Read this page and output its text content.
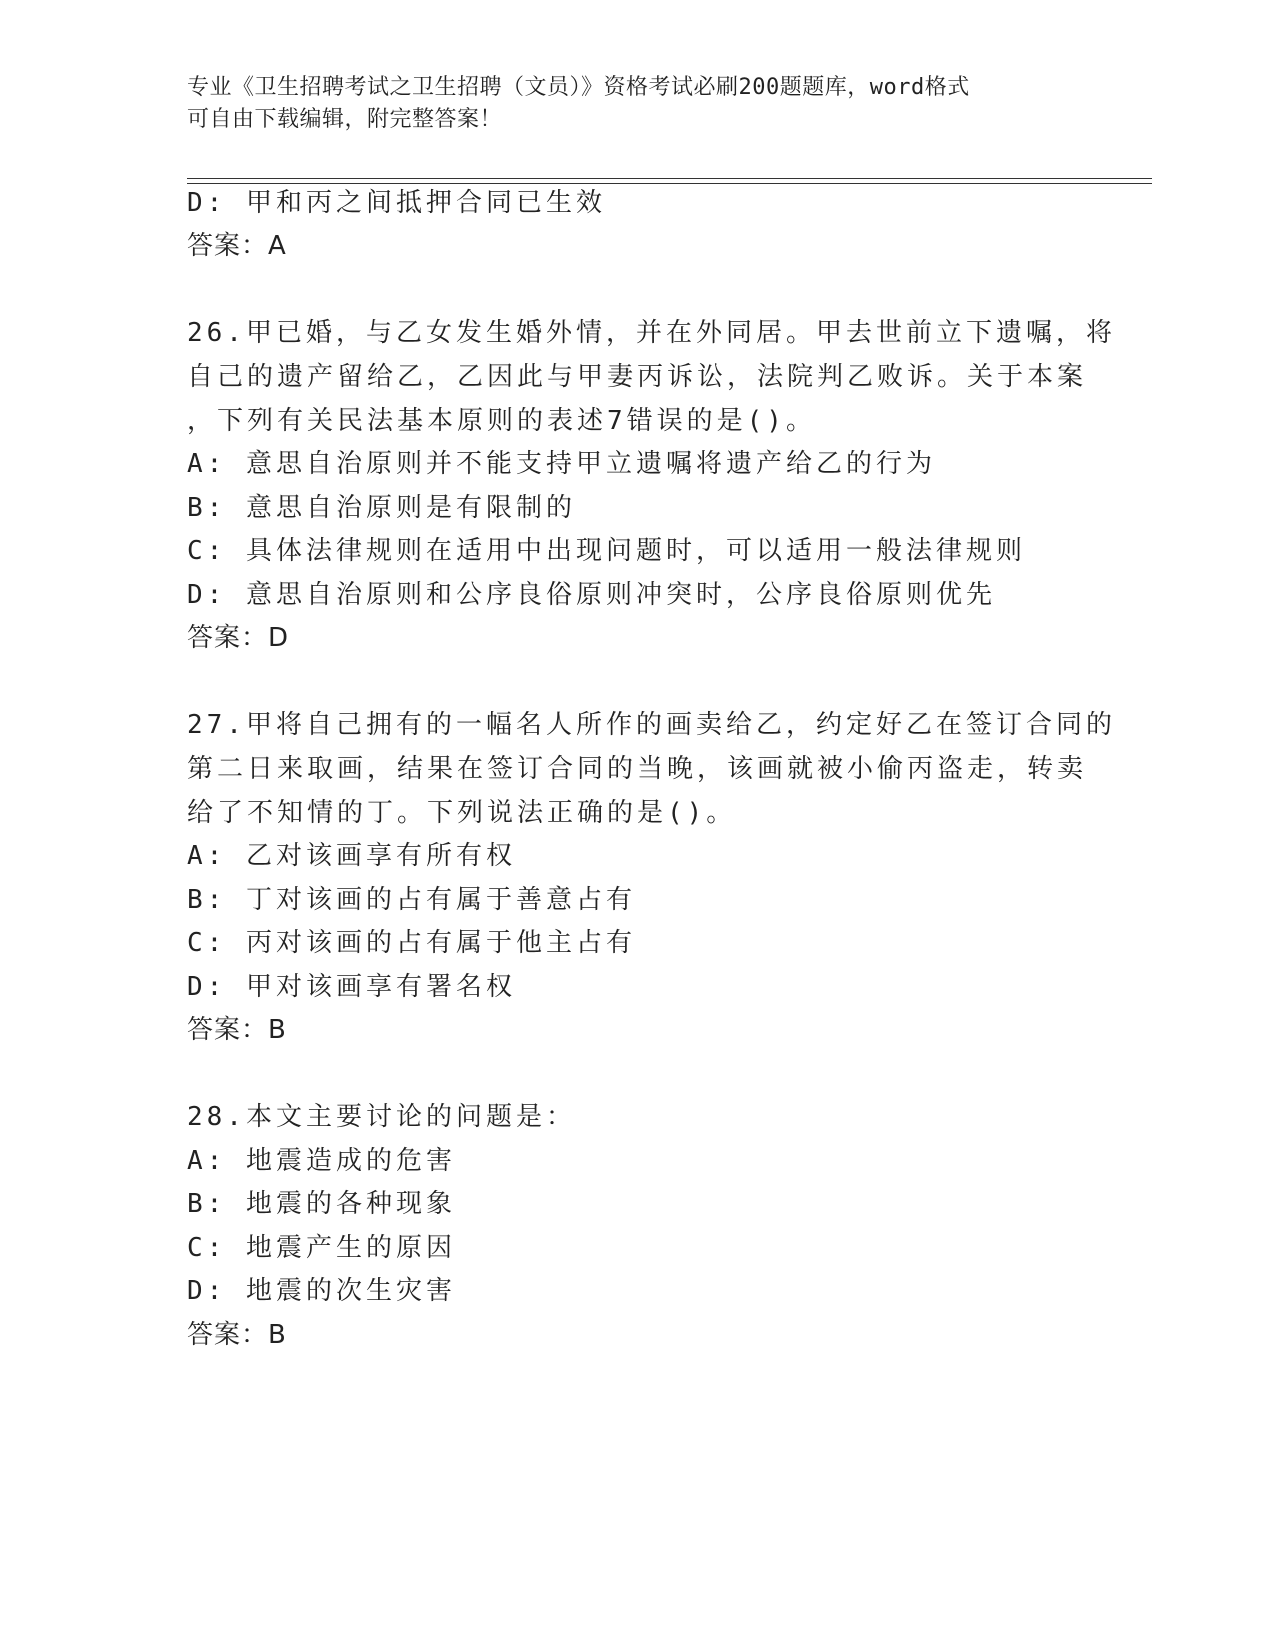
专业《卫生招聘考试之卫生招聘（文员）》资格考试必刷200题题库，word格式
可自由下载编辑，附完整答案！
D: 甲和丙之间抵押合同已生效
答案：A
26.甲已婚，与乙女发生婚外情，并在外同居。甲去世前立下遗嘱，将
自己的遗产留给乙，乙因此与甲妻丙诉讼，法院判乙败诉。关于本案
，下列有关民法基本原则的表述7错误的是()。
A: 意思自治原则并不能支持甲立遗嘱将遗产给乙的行为
B: 意思自治原则是有限制的
C: 具体法律规则在适用中出现问题时，可以适用一般法律规则
D: 意思自治原则和公序良俗原则冲突时，公序良俗原则优先
答案：D
27.甲将自己拥有的一幅名人所作的画卖给乙，约定好乙在签订合同的
第二日来取画，结果在签订合同的当晚，该画就被小偷丙盗走，转卖
给了不知情的丁。下列说法正确的是()。
A: 乙对该画享有所有权
B: 丁对该画的占有属于善意占有
C: 丙对该画的占有属于他主占有
D: 甲对该画享有署名权
答案：B
28.本文主要讨论的问题是：
A: 地震造成的危害
B: 地震的各种现象
C: 地震产生的原因
D: 地震的次生灾害
答案：B
